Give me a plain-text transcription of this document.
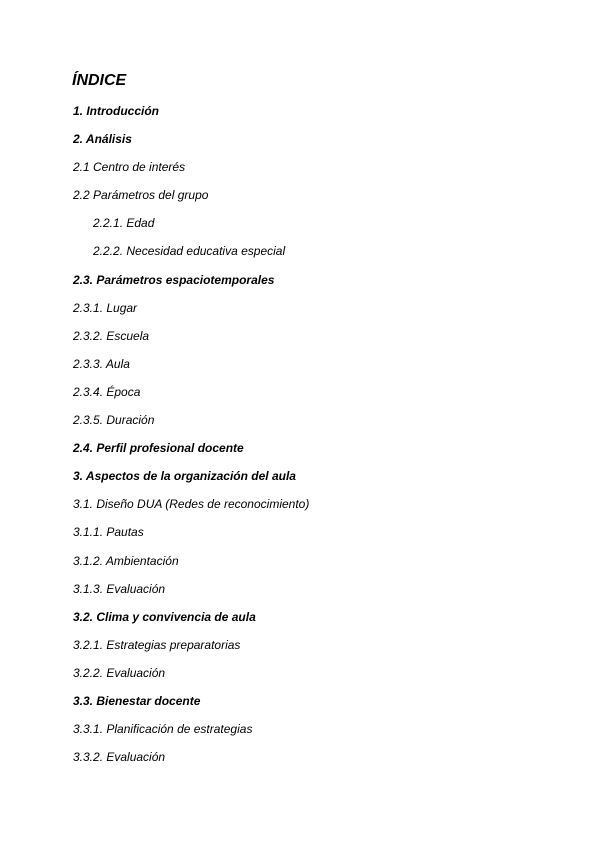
ÍNDICE
1. Introducción
2. Análisis
2.1 Centro de interés
2.2 Parámetros del grupo
2.2.1. Edad
2.2.2. Necesidad educativa especial
2.3. Parámetros espaciotemporales
2.3.1. Lugar
2.3.2. Escuela
2.3.3. Aula
2.3.4. Época
2.3.5. Duración
2.4. Perfil profesional docente
3. Aspectos de la organización del aula
3.1. Diseño DUA (Redes de reconocimiento)
3.1.1. Pautas
3.1.2. Ambientación
3.1.3. Evaluación
3.2. Clima y convivencia de aula
3.2.1. Estrategias preparatorias
3.2.2. Evaluación
3.3. Bienestar docente
3.3.1. Planificación de estrategias
3.3.2. Evaluación
